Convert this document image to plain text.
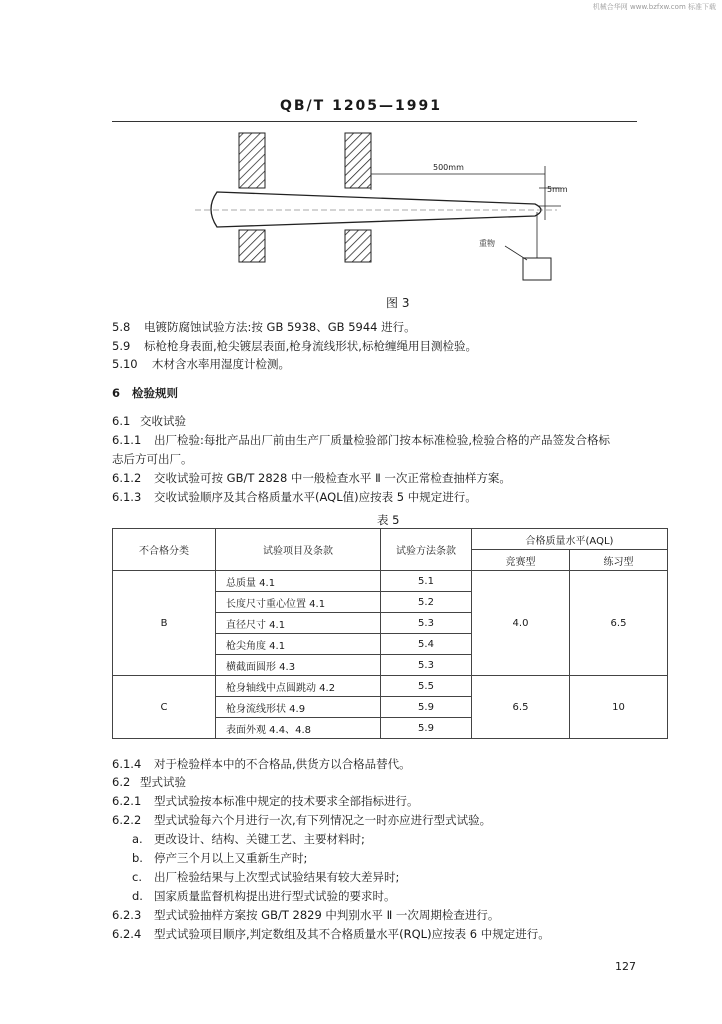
机械合华网 www.bzfxw.com 标准下载
QB/T 1205—1991
500mm
5mm
重物
图 3

5.8 电镀防腐蚀试验方法:按 GB 5938、GB 5944 进行。

5.9 标枪枪身表面,枪尖镀层表面,枪身流线形状,标枪缠绳用目测检验。

5.10 木材含水率用湿度计检测。

6 检验规则

6.1 交收试验

6.1.1 出厂检验:每批产品出厂前由生产厂质量检验部门按本标准检验,检验合格的产品签发合格标

志后方可出厂。

6.1.2 交收试验可按 GB/T 2828 中一般检查水平 Ⅱ 一次正常检查抽样方案。

6.1.3 交收试验顺序及其合格质量水平(AQL值)应按表 5 中规定进行。

表 5
不合格分类	试验项目及条款	试验方法条款	合格质量水平(AQL)	
			竞赛型	练习型
B	总质量 4.1	5.1	4.0	6.5
	长度尺寸重心位置 4.1	5.2		
	直径尺寸 4.1	5.3		
	枪尖角度 4.1	5.4		
	横截面圆形 4.3	5.3		
C	枪身轴线中点圆跳动 4.2	5.5	6.5	10
	枪身流线形状 4.9	5.9		
	表面外观 4.4、4.8	5.9		

6.1.4 对于检验样本中的不合格品,供货方以合格品替代。

6.2 型式试验

6.2.1 型式试验按本标准中规定的技术要求全部指标进行。

6.2.2 型式试验每六个月进行一次,有下列情况之一时亦应进行型式试验。

a. 更改设计、结构、关键工艺、主要材料时;

b. 停产三个月以上又重新生产时;

c. 出厂检验结果与上次型式试验结果有较大差异时;

d. 国家质量监督机构提出进行型式试验的要求时。

6.2.3 型式试验抽样方案按 GB/T 2829 中判别水平 Ⅱ 一次周期检查进行。

6.2.4 型式试验项目顺序,判定数组及其不合格质量水平(RQL)应按表 6 中规定进行。

127
